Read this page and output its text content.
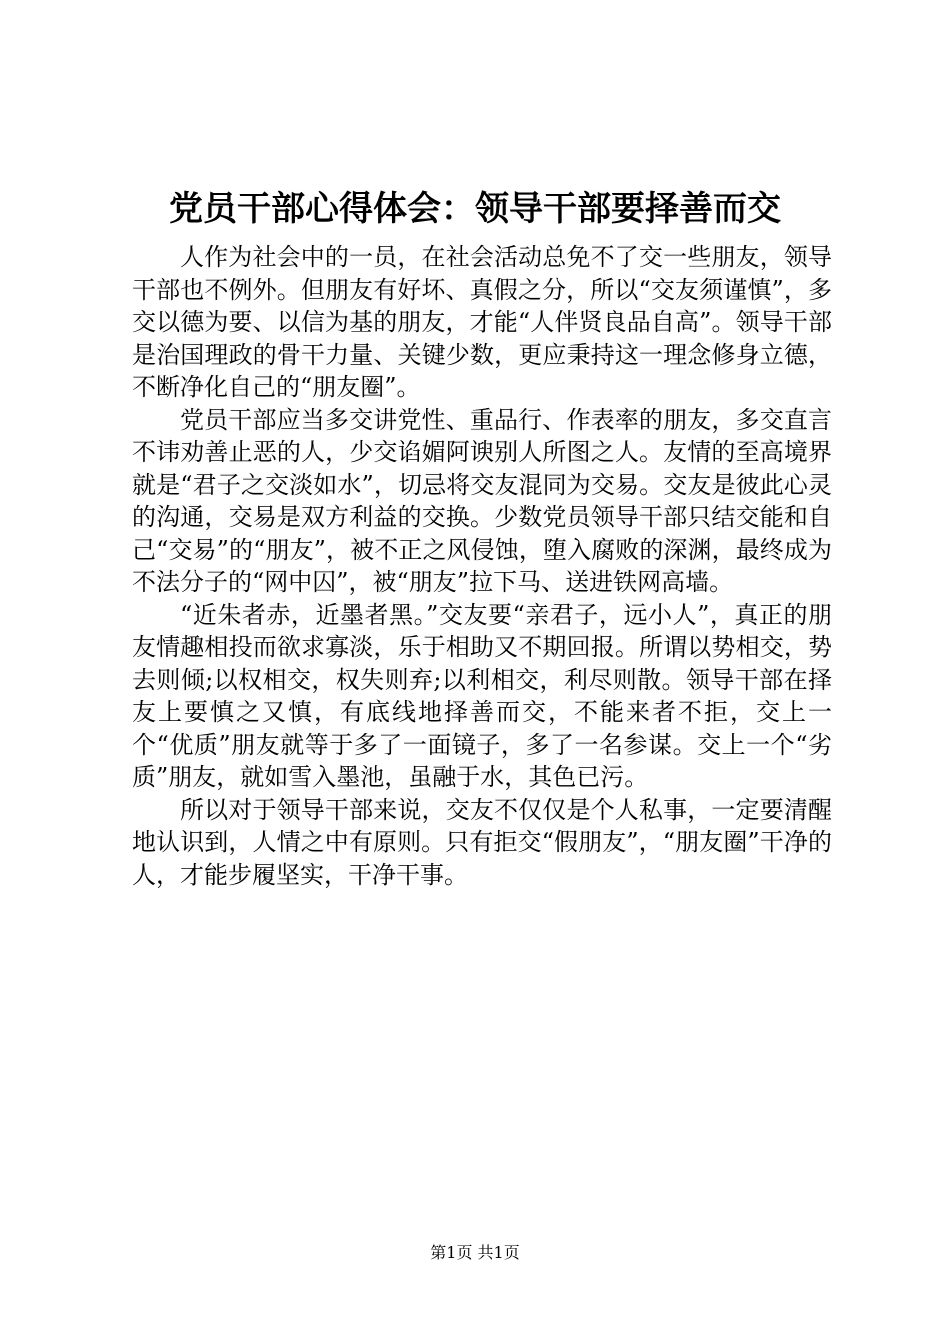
党员干部心得体会：领导干部要择善而交

人作为社会中的一员，在社会活动总免不了交一些朋友，领导干部也不例外。但朋友有好坏、真假之分，所以“交友须谨慎”，多交以德为要、以信为基的朋友，才能“人伴贤良品自高”。领导干部是治国理政的骨干力量、关键少数，更应秉持这一理念修身立德，不断净化自己的“朋友圈”。

党员干部应当多交讲党性、重品行、作表率的朋友，多交直言不讳劝善止恶的人，少交谄媚阿谀别人所图之人。友情的至高境界就是“君子之交淡如水”，切忌将交友混同为交易。交友是彼此心灵的沟通，交易是双方利益的交换。少数党员领导干部只结交能和自己“交易”的“朋友”，被不正之风侵蚀，堕入腐败的深渊，最终成为不法分子的“网中囚”，被“朋友”拉下马、送进铁网高墙。

“近朱者赤，近墨者黑。”交友要“亲君子，远小人”，真正的朋友情趣相投而欲求寡淡，乐于相助又不期回报。所谓以势相交，势去则倾;以权相交，权失则弃;以利相交，利尽则散。领导干部在择友上要慎之又慎，有底线地择善而交，不能来者不拒，交上一个“优质”朋友就等于多了一面镜子，多了一名参谋。交上一个“劣质”朋友，就如雪入墨池，虽融于水，其色已污。

所以对于领导干部来说，交友不仅仅是个人私事，一定要清醒地认识到，人情之中有原则。只有拒交“假朋友”，“朋友圈”干净的人，才能步履坚实，干净干事。

第1页 共1页
